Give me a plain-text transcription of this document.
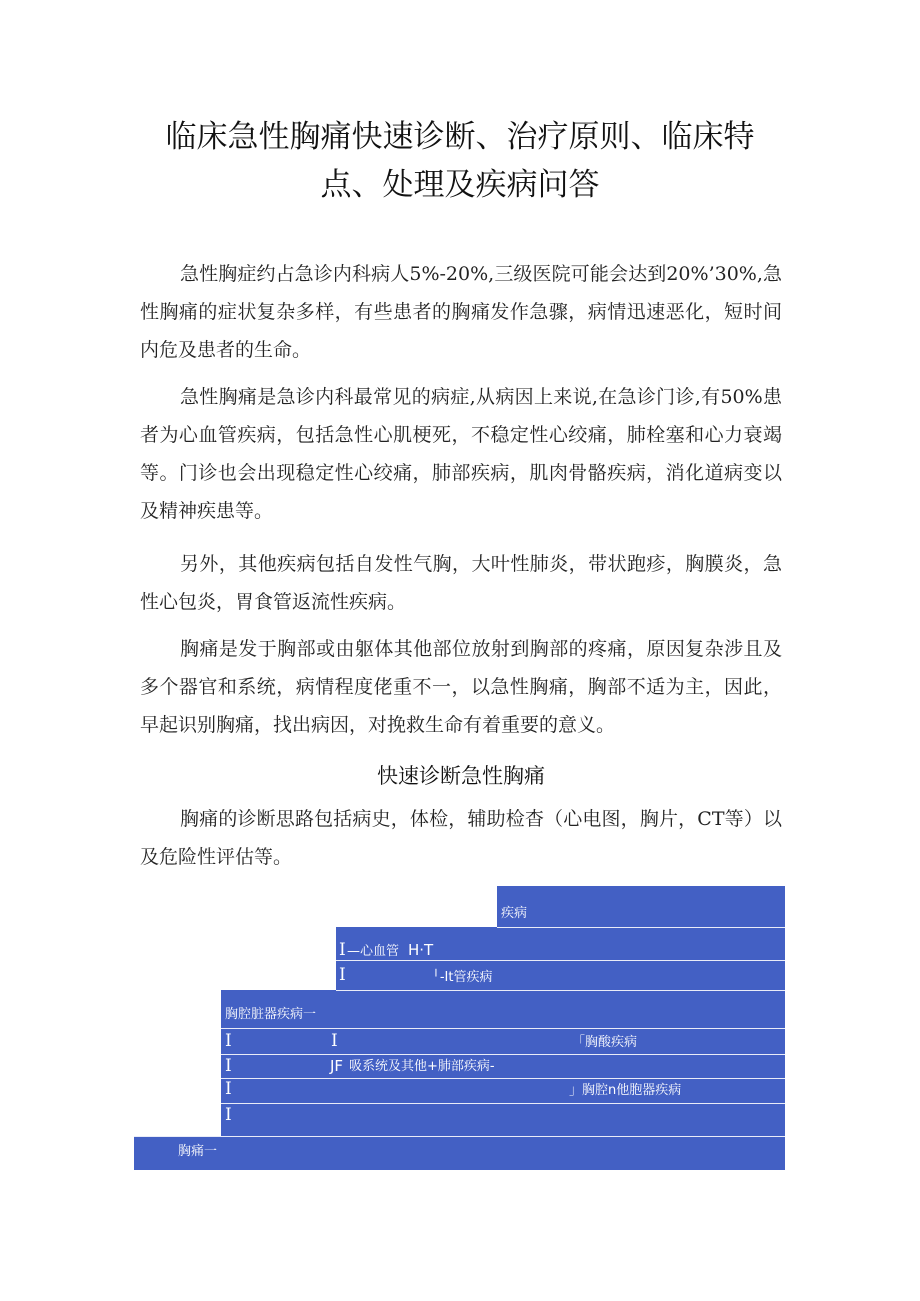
临床急性胸痛快速诊断、治疗原则、临床特
点、处理及疾病问答

急性胸症约占急诊内科病人5%-20%,三级医院可能会达到20%’30%,急性胸痛的症状复杂多样，有些患者的胸痛发作急骤，病情迅速恶化，短时间内危及患者的生命。

急性胸痛是急诊内科最常见的病症,从病因上来说,在急诊门诊,有50%患者为心血管疾病，包括急性心肌梗死，不稳定性心绞痛，肺栓塞和心力衰竭等。门诊也会出现稳定性心绞痛，肺部疾病，肌肉骨骼疾病，消化道病变以及精神疾患等。

另外，其他疾病包括自发性气胸，大叶性肺炎，带状跑疹，胸膜炎，急性心包炎，胃食管返流性疾病。

胸痛是发于胸部或由躯体其他部位放射到胸部的疼痛，原因复杂涉且及多个器官和系统，病情程度佬重不一，以急性胸痛，胸部不适为主，因此，早起识别胸痛，找出病因，对挽救生命有着重要的意义。

快速诊断急性胸痛

胸痛的诊断思路包括病史，体检，辅助检杳（心电图，胸片，CT等）以及危险性评估等。

疾病
I —心血管 H·T
I	╵-It管疾病
胸腔脏器疾病一
I	I	「胸酸疾病
I	JF 吸系统及其他+肺部疾病-
I	」胸腔n他胞器疾病
I
胸痛一
